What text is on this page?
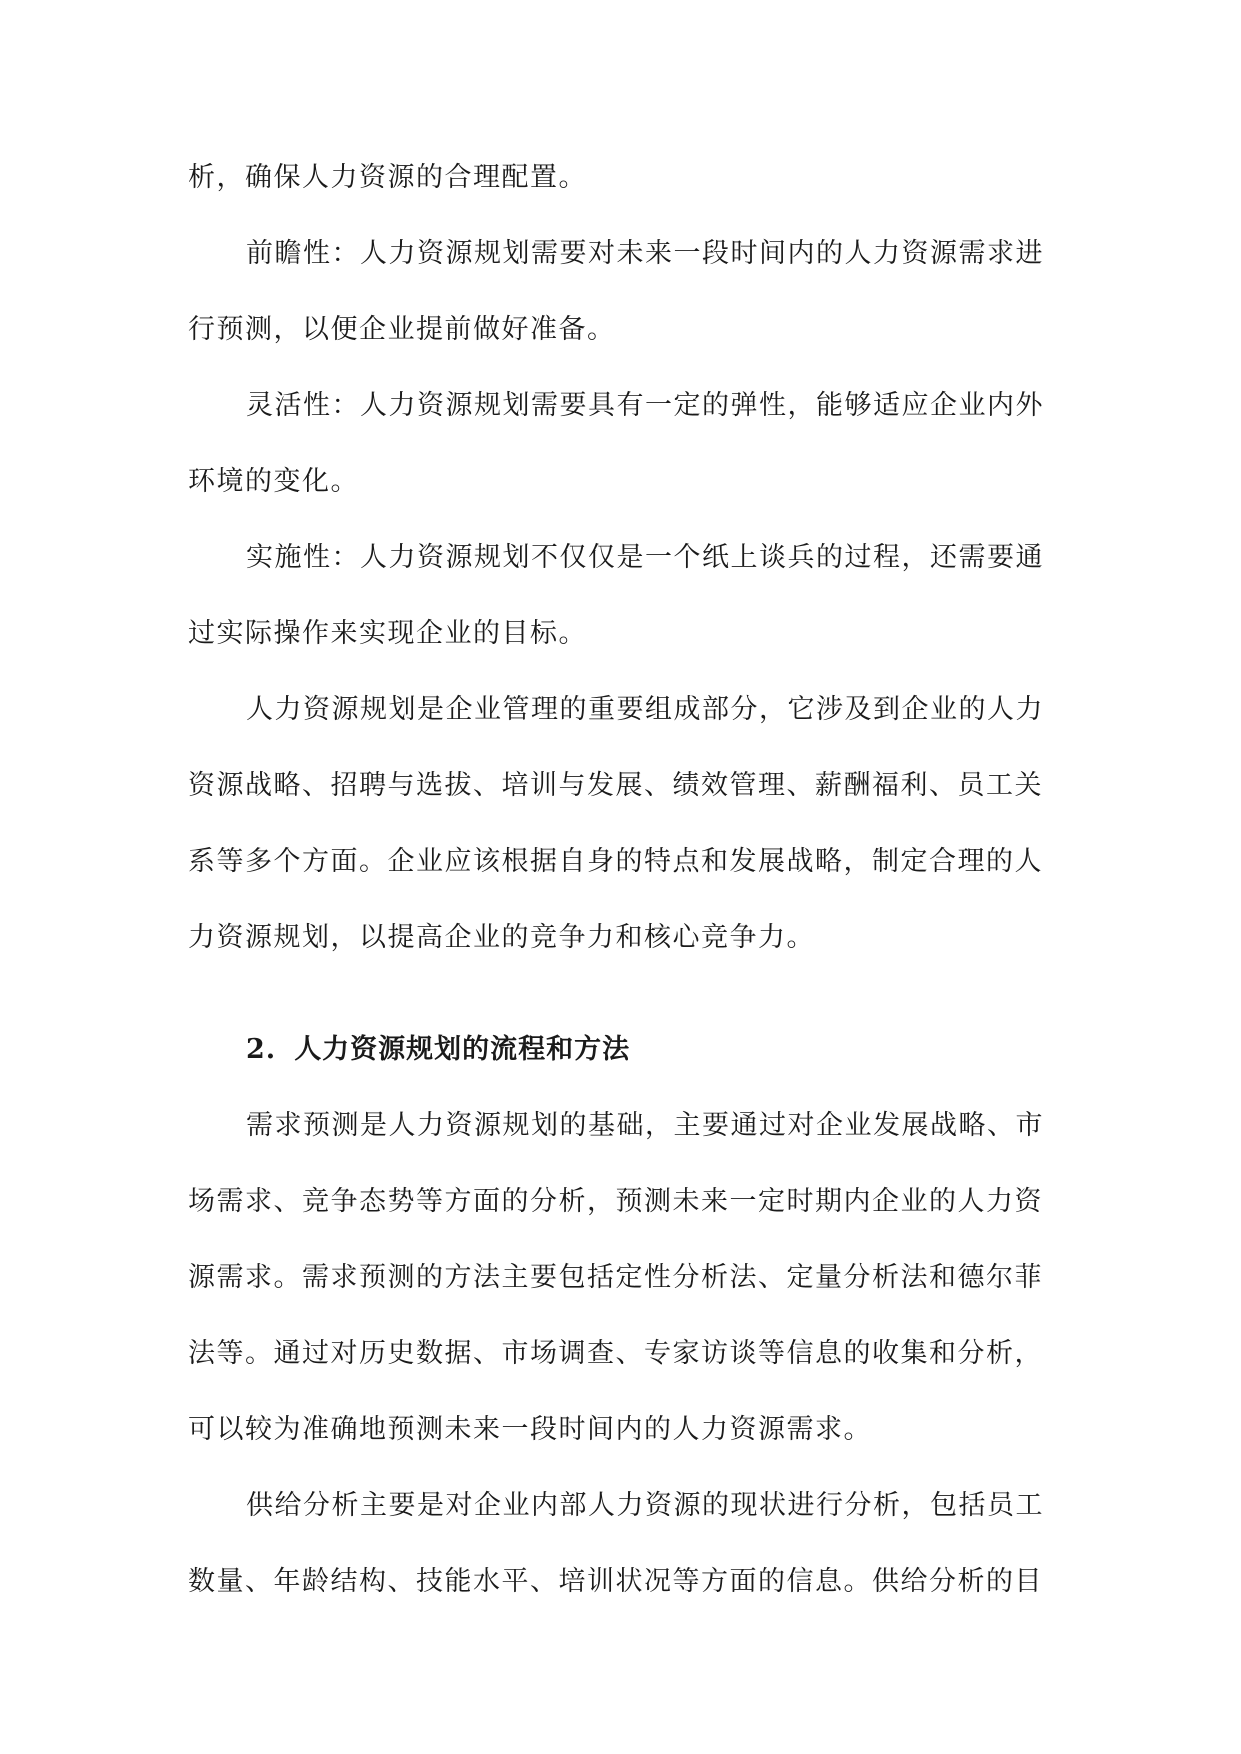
析，确保人力资源的合理配置。
前瞻性：人力资源规划需要对未来一段时间内的人力资源需求进
行预测，以便企业提前做好准备。
灵活性：人力资源规划需要具有一定的弹性，能够适应企业内外
环境的变化。
实施性：人力资源规划不仅仅是一个纸上谈兵的过程，还需要通
过实际操作来实现企业的目标。
人力资源规划是企业管理的重要组成部分，它涉及到企业的人力
资源战略、招聘与选拔、培训与发展、绩效管理、薪酬福利、员工关
系等多个方面。企业应该根据自身的特点和发展战略，制定合理的人
力资源规划，以提高企业的竞争力和核心竞争力。
2. 人力资源规划的流程和方法
需求预测是人力资源规划的基础，主要通过对企业发展战略、市
场需求、竞争态势等方面的分析，预测未来一定时期内企业的人力资
源需求。需求预测的方法主要包括定性分析法、定量分析法和德尔菲
法等。通过对历史数据、市场调查、专家访谈等信息的收集和分析，
可以较为准确地预测未来一段时间内的人力资源需求。
供给分析主要是对企业内部人力资源的现状进行分析，包括员工
数量、年龄结构、技能水平、培训状况等方面的信息。供给分析的目
